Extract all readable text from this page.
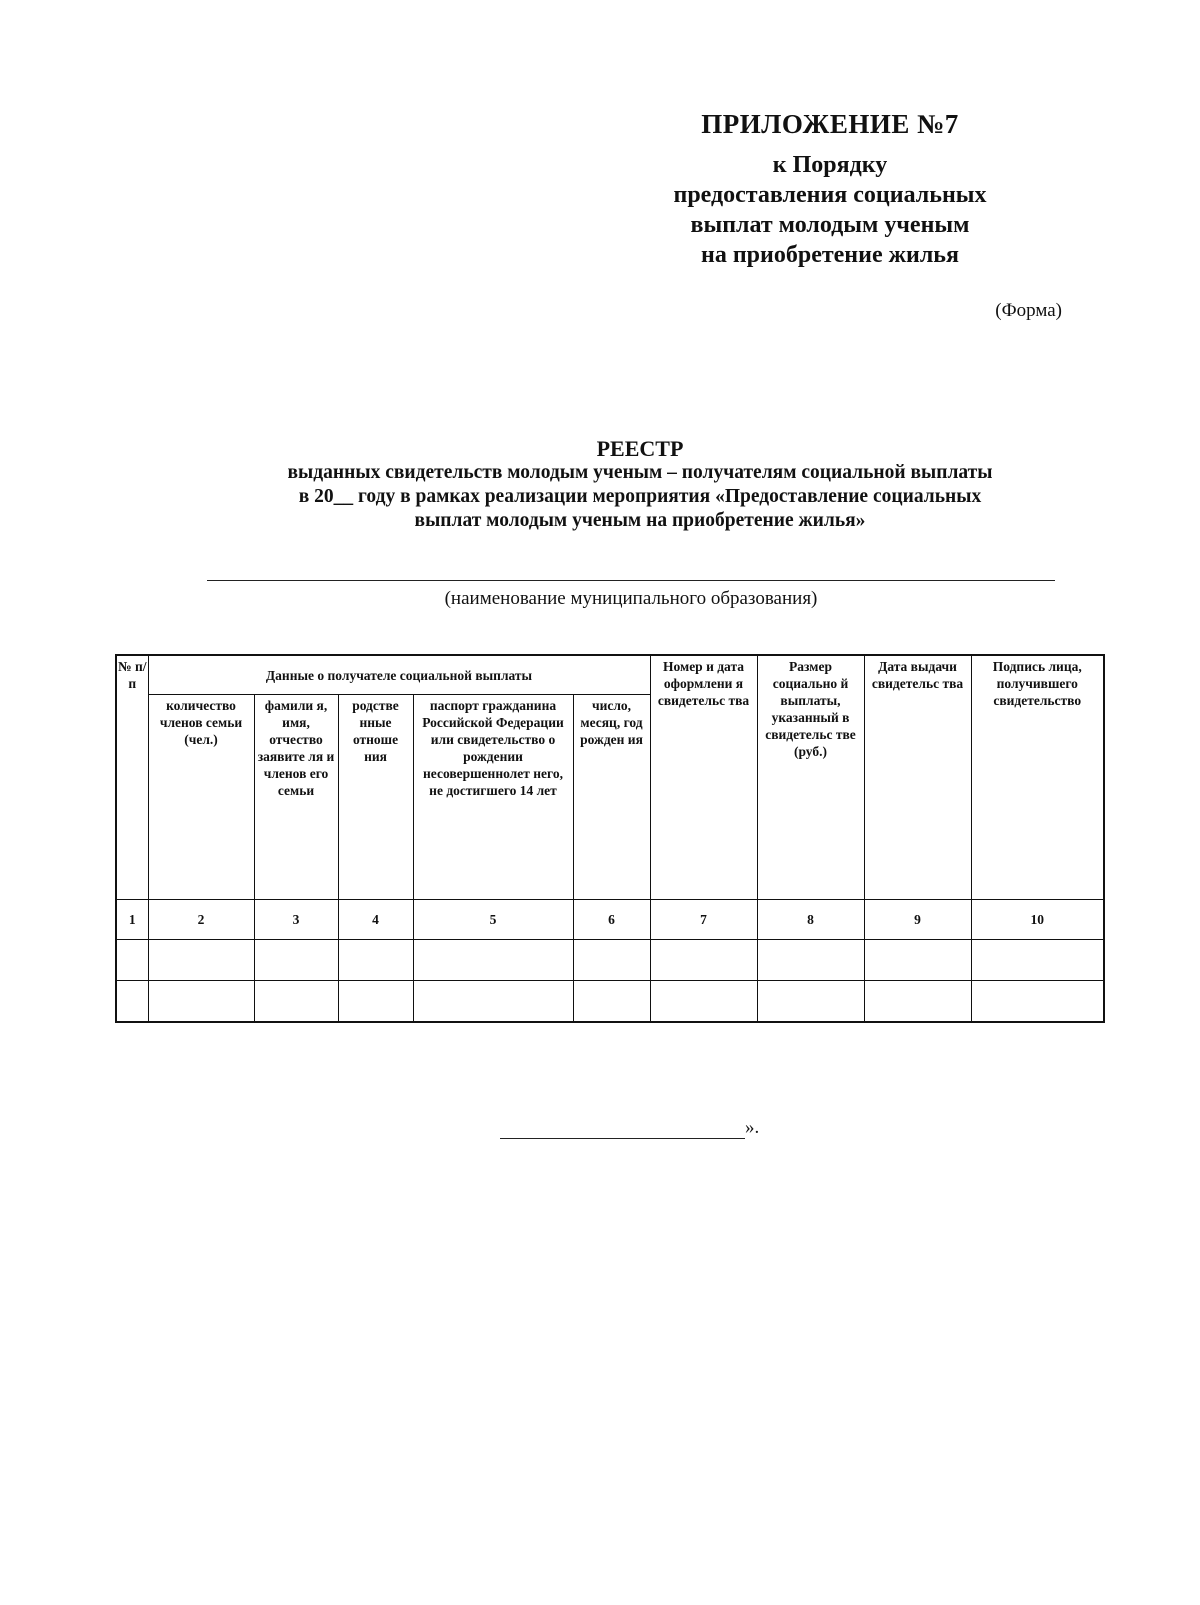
ПРИЛОЖЕНИЕ №7
к Порядку
предоставления социальных
выплат молодым ученым
на приобретение жилья
(Форма)
РЕЕСТР
выданных свидетельств молодым ученым – получателям социальной выплаты
в 20__ году в рамках реализации мероприятия «Предоставление социальных
выплат молодым ученым на приобретение жилья»
(наименование муниципального образования)
№ п/ п	Данные о получателе социальной выплаты					Номер и дата оформлени я свидетельс тва	Размер социально й выплаты, указанный в свидетельс тве (руб.)	Дата выдачи свидетельс тва	Подпись лица, получившего свидетельство
	количество членов семьи (чел.)	фамили я, имя, отчество заявите ля и членов его семьи	родстве нные отноше ния	паспорт гражданина Российской Федерации или свидетельство о рождении несовершеннолет него, не достигшего 14 лет	число, месяц, год рожден ия				
1	2	3	4	5	6	7	8	9	10

».
